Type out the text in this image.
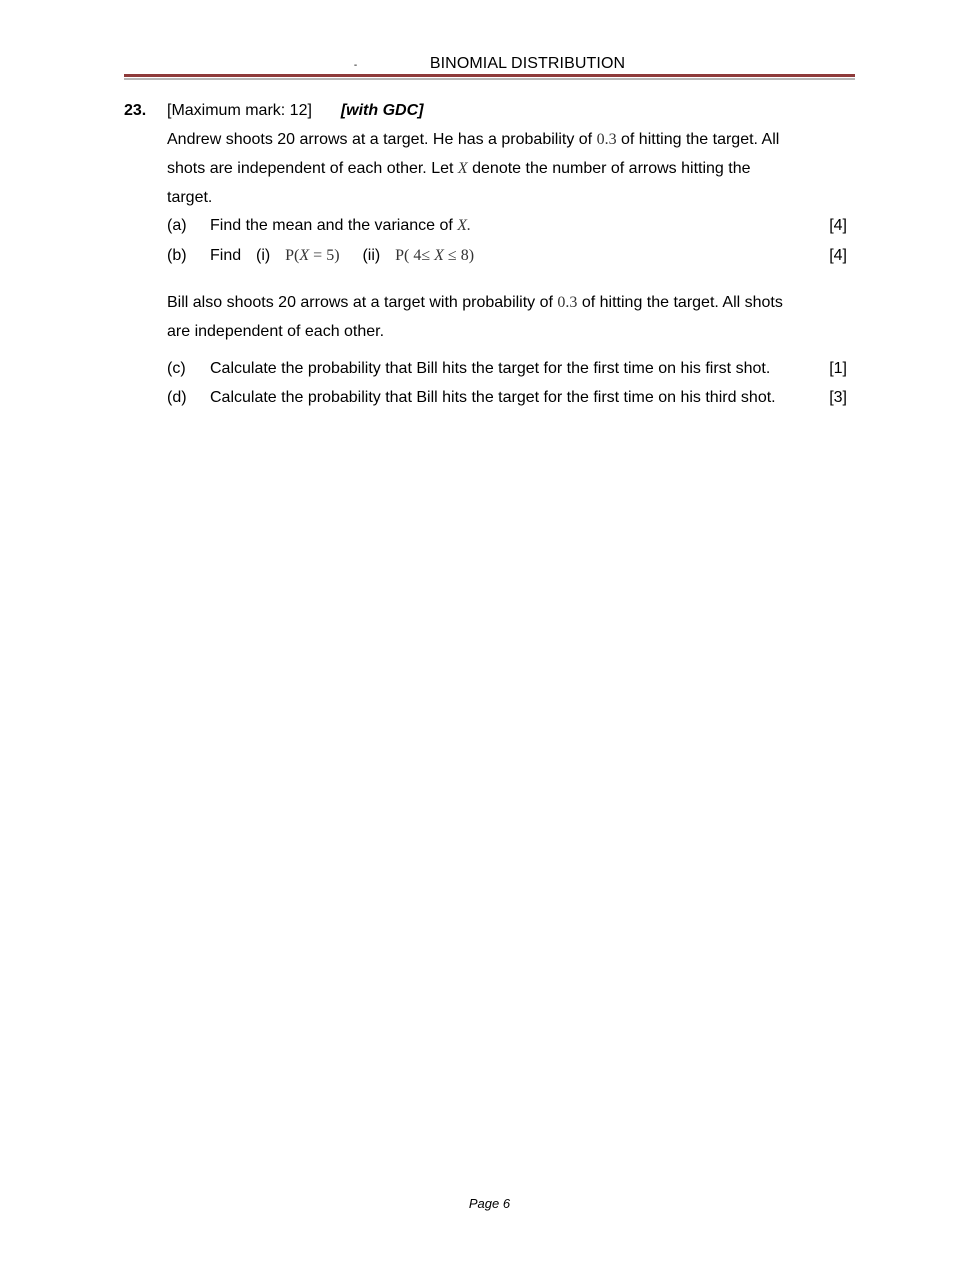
-	BINOMIAL DISTRIBUTION
23. [Maximum mark: 12] [with GDC]
Andrew shoots 20 arrows at a target. He has a probability of 0.3 of hitting the target. All
shots are independent of each other. Let X denote the number of arrows hitting the
target.
(a) Find the mean and the variance of X.	[4]
(b) Find (i) P(X = 5) (ii) P( 4≤ X ≤ 8)	[4]
Bill also shoots 20 arrows at a target with probability of 0.3 of hitting the target. All shots
are independent of each other.
(c) Calculate the probability that Bill hits the target for the first time on his first shot.	[1]
(d) Calculate the probability that Bill hits the target for the first time on his third shot.	[3]
Page 6
